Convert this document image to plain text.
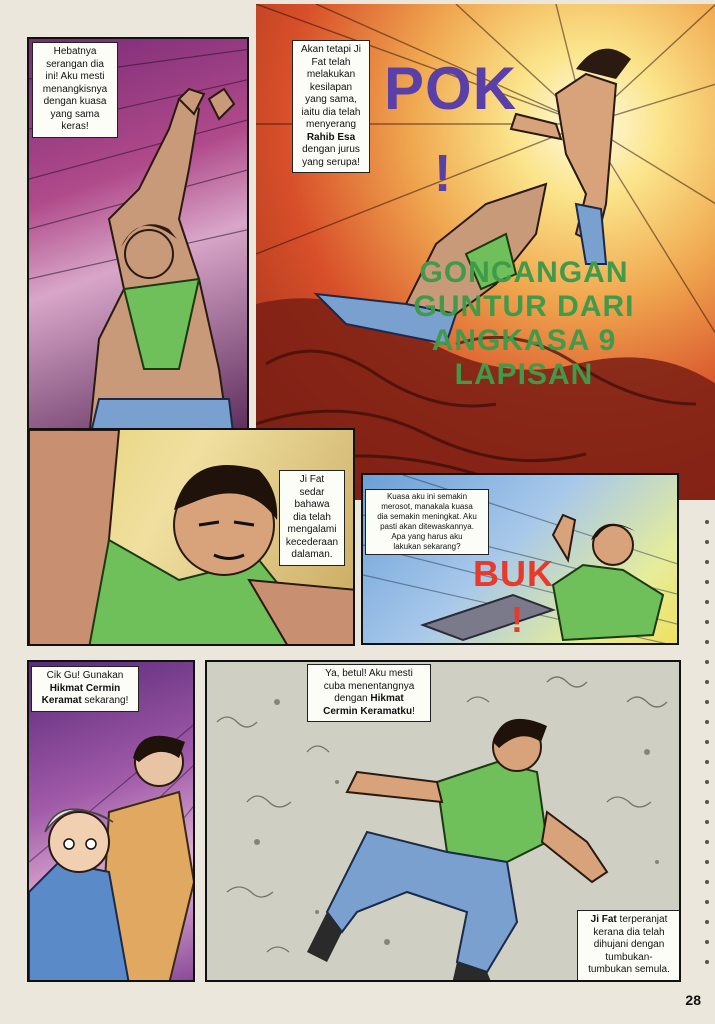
Hebatnya
serangan dia
ini! Aku mesti
menangkisnya
dengan kuasa
yang sama
keras!
Akan tetapi Ji
Fat telah
melakukan
kesilapan
yang sama,
iaitu dia telah
menyerang
Rahib Esa
dengan jurus
yang serupa!
POK
!
GONCANGAN
GUNTUR DARI
ANGKASA 9
LAPISAN
Ji Fat
sedar
bahawa
dia telah
mengalami
kecederaan
dalaman.
Kuasa aku ini semakin
merosot, manakala kuasa
dia semakin meningkat. Aku
pasti akan ditewaskannya.
Apa yang harus aku
lakukan sekarang?
BUK
!
Cik Gu! Gunakan
Hikmat Cermin
Keramat sekarang!
Ya, betul! Aku mesti
cuba menentangnya
dengan Hikmat
Cermin Keramatku!
Ji Fat terperanjat
kerana dia telah
dihujani dengan
tumbukan-
tumbukan semula.
28
